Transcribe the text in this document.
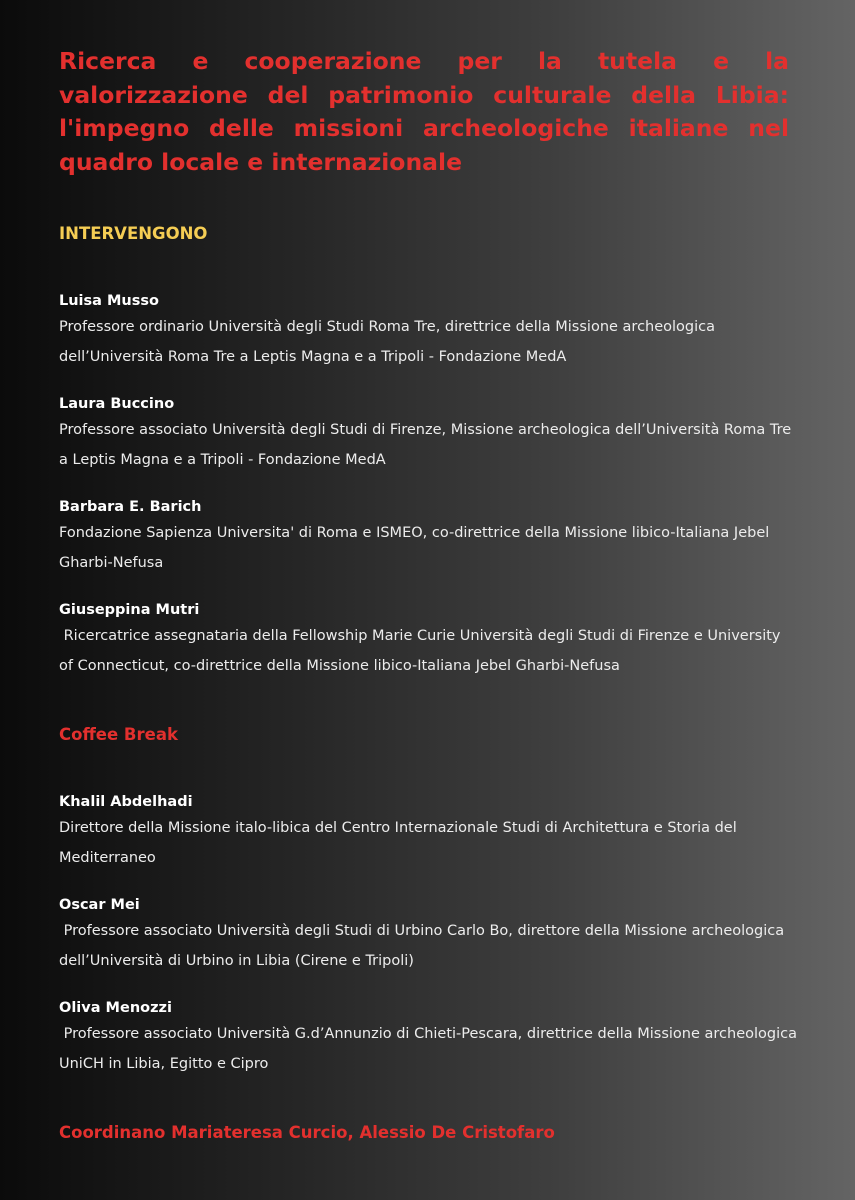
Ricerca e cooperazione per la tutela e la valorizzazione del patrimonio culturale della Libia: l'impegno delle missioni archeologiche italiane nel quadro locale e internazionale
INTERVENGONO
Luisa Musso
Professore ordinario Università degli Studi Roma Tre, direttrice della Missione archeologica dell’Università Roma Tre a Leptis Magna e a Tripoli - Fondazione MedA
Laura Buccino
Professore associato Università degli Studi di Firenze, Missione archeologica dell’Università Roma Tre a Leptis Magna e a Tripoli - Fondazione MedA
Barbara E. Barich
Fondazione Sapienza Universita' di Roma e ISMEO, co-direttrice della Missione libico-Italiana Jebel Gharbi-Nefusa
Giuseppina Mutri
Ricercatrice assegnataria della Fellowship Marie Curie Università degli Studi di Firenze e University of Connecticut, co-direttrice della Missione libico-Italiana Jebel Gharbi-Nefusa
Coffee Break
Khalil Abdelhadi
Direttore della Missione italo-libica del Centro Internazionale Studi di Architettura e Storia del Mediterraneo
Oscar Mei
Professore associato Università degli Studi di Urbino Carlo Bo, direttore della Missione archeologica dell’Università di Urbino in Libia (Cirene e Tripoli)
Oliva Menozzi
Professore associato Università G.d’Annunzio di Chieti-Pescara, direttrice della Missione archeologica UniCH in Libia, Egitto e Cipro
Coordinano Mariateresa Curcio, Alessio De Cristofaro
